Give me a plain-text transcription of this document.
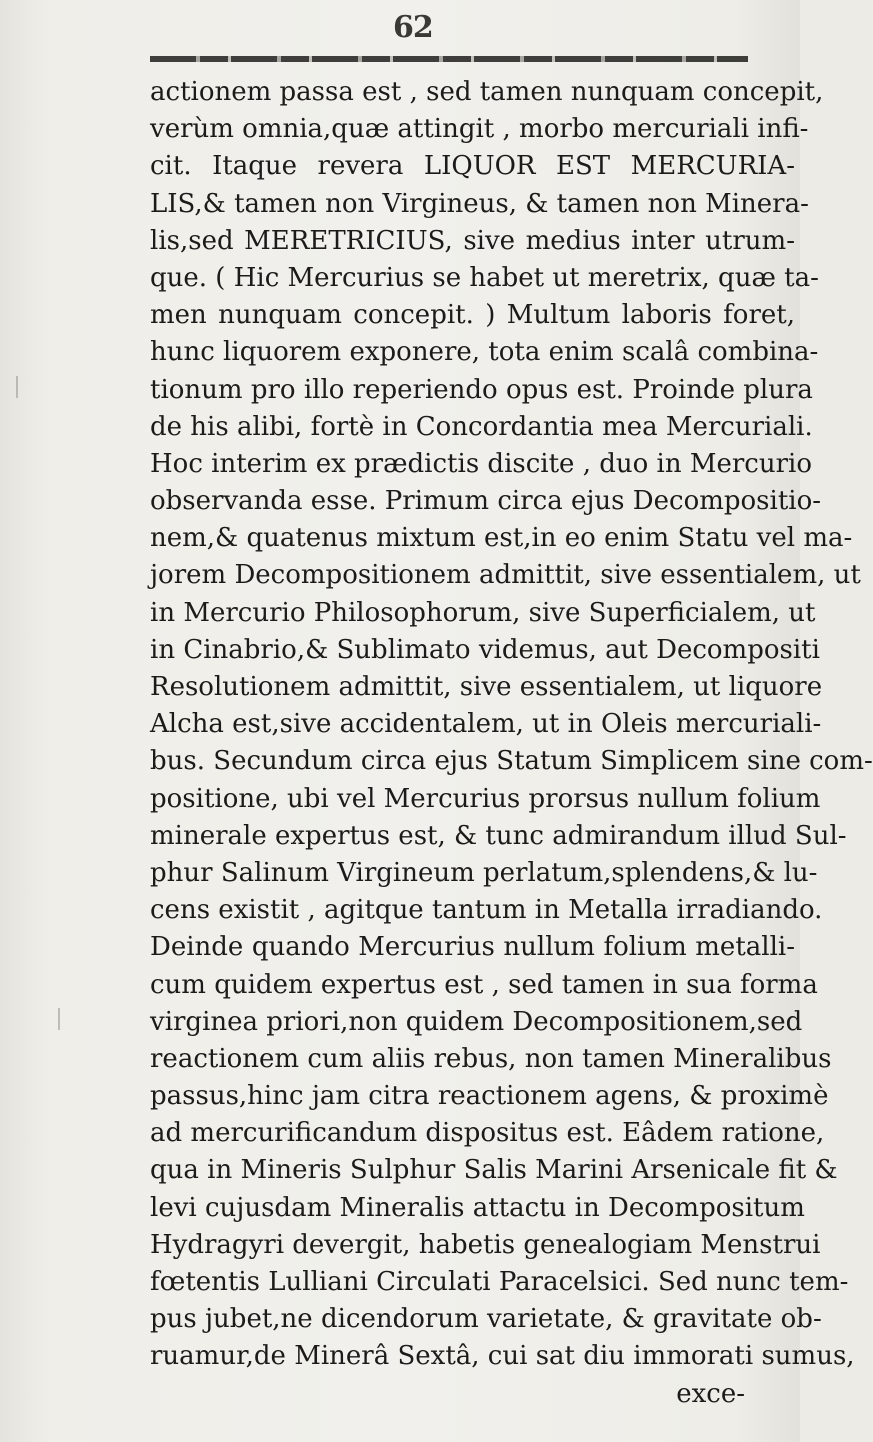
62
actionem passa est , sed tamen nunquam concepit,
verùm omnia,quæ attingit , morbo mercuriali infi-
cit. Itaque revera LIQUOR EST MERCURIA-
LIS,& tamen non Virgineus, & tamen non Minera-
lis,sed MERETRICIUS, sive medius inter utrum-
que. ( Hic Mercurius se habet ut meretrix, quæ ta-
men nunquam concepit. ) Multum laboris foret,
hunc liquorem exponere, tota enim scalâ combina-
tionum pro illo reperiendo opus est. Proinde plura
de his alibi, fortè in Concordantia mea Mercuriali.
Hoc interim ex prædictis discite , duo in Mercurio
observanda esse. Primum circa ejus Decompositio-
nem,& quatenus mixtum est,in eo enim Statu vel ma-
jorem Decompositionem admittit, sive essentialem, ut
in Mercurio Philosophorum, sive Superficialem, ut
in Cinabrio,& Sublimato videmus, aut Decompositi
Resolutionem admittit, sive essentialem, ut liquore
Alcha est,sive accidentalem, ut in Oleis mercuriali-
bus. Secundum circa ejus Statum Simplicem sine com-
positione, ubi vel Mercurius prorsus nullum folium
minerale expertus est, & tunc admirandum illud Sul-
phur Salinum Virgineum perlatum,splendens,& lu-
cens existit , agitque tantum in Metalla irradiando.
Deinde quando Mercurius nullum folium metalli-
cum quidem expertus est , sed tamen in sua forma
virginea priori,non quidem Decompositionem,sed
reactionem cum aliis rebus, non tamen Mineralibus
passus,hinc jam citra reactionem agens, & proximè
ad mercurificandum dispositus est. Eâdem ratione,
qua in Mineris Sulphur Salis Marini Arsenicale fit &
levi cujusdam Mineralis attactu in Decompositum
Hydragyri devergit, habetis genealogiam Menstrui
fœtentis Lulliani Circulati Paracelsici. Sed nunc tem-
pus jubet,ne dicendorum varietate, & gravitate ob-
ruamur,de Minerâ Sextâ, cui sat diu immorati sumus,
exce-
